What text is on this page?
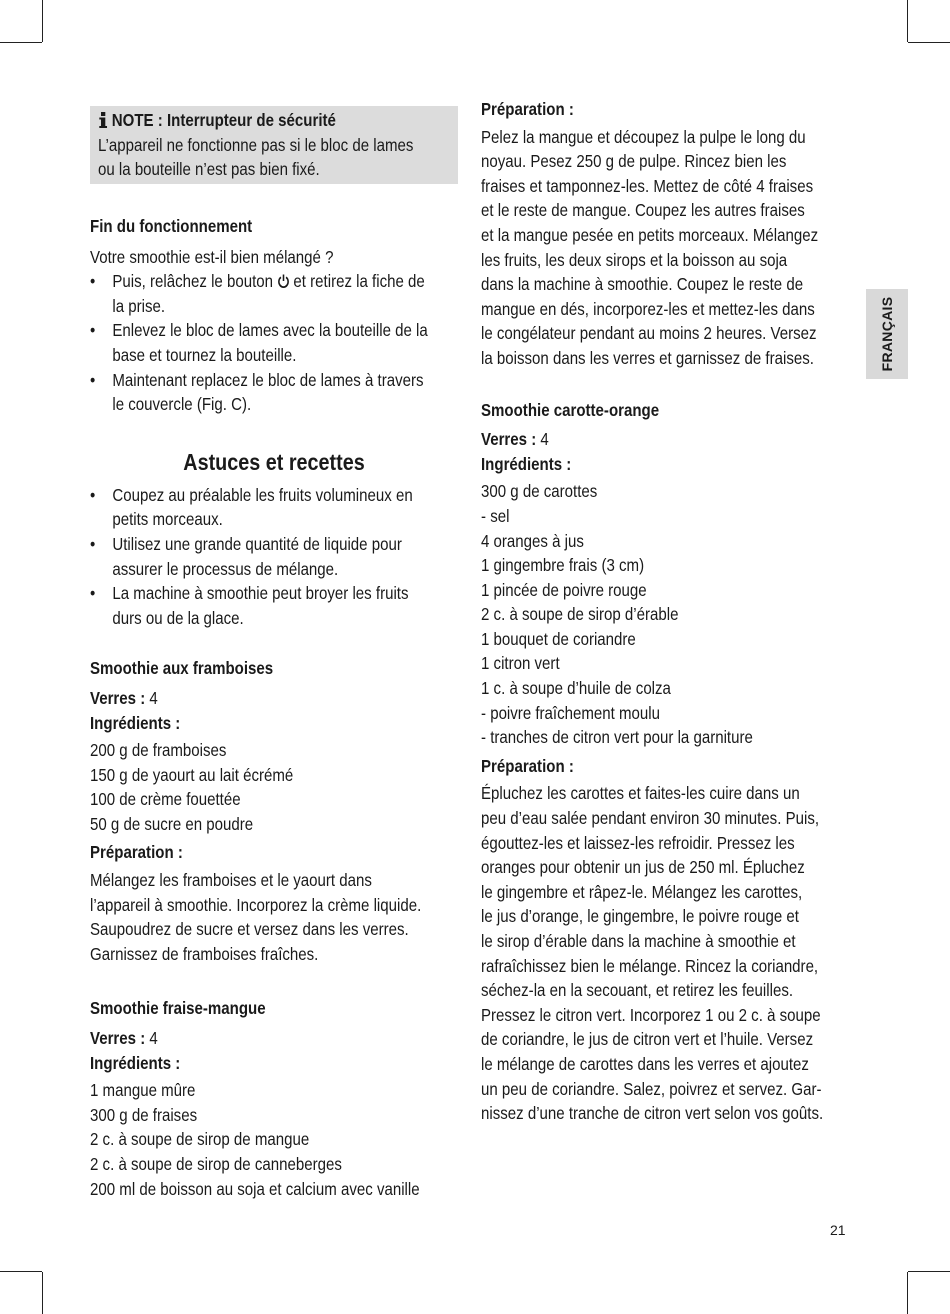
NOTE : Interrupteur de sécurité
L’appareil ne fonctionne pas si le bloc de lames
ou la bouteille n’est pas bien fixé.
Fin du fonctionnement
Votre smoothie est-il bien mélangé ?
• Puis, relâchez le bouton et retirez la fiche de
la prise.
• Enlevez le bloc de lames avec la bouteille de la
base et tournez la bouteille.
• Maintenant replacez le bloc de lames à travers
le couvercle (Fig. C).
Astuces et recettes
• Coupez au préalable les fruits volumineux en
petits morceaux.
• Utilisez une grande quantité de liquide pour
assurer le processus de mélange.
• La machine à smoothie peut broyer les fruits
durs ou de la glace.
Smoothie aux framboises
Verres : 4
Ingrédients :
200 g de framboises
150 g de yaourt au lait écrémé
100 de crème fouettée
50 g de sucre en poudre
Préparation :
Mélangez les framboises et le yaourt dans
l’appareil à smoothie. Incorporez la crème liquide.
Saupoudrez de sucre et versez dans les verres.
Garnissez de framboises fraîches.
Smoothie fraise-mangue
Verres : 4
Ingrédients :
1 mangue mûre
300 g de fraises
2 c. à soupe de sirop de mangue
2 c. à soupe de sirop de canneberges
200 ml de boisson au soja et calcium avec vanille
Préparation :
Pelez la mangue et découpez la pulpe le long du
noyau. Pesez 250 g de pulpe. Rincez bien les
fraises et tamponnez-les. Mettez de côté 4 fraises
et le reste de mangue. Coupez les autres fraises
et la mangue pesée en petits morceaux. Mélangez
les fruits, les deux sirops et la boisson au soja
dans la machine à smoothie. Coupez le reste de
mangue en dés, incorporez-les et mettez-les dans
le congélateur pendant au moins 2 heures. Versez
la boisson dans les verres et garnissez de fraises.
Smoothie carotte-orange
Verres : 4
Ingrédients :
300 g de carottes
- sel
4 oranges à jus
1 gingembre frais (3 cm)
1 pincée de poivre rouge
2 c. à soupe de sirop d’érable
1 bouquet de coriandre
1 citron vert
1 c. à soupe d’huile de colza
- poivre fraîchement moulu
- tranches de citron vert pour la garniture
Préparation :
Épluchez les carottes et faites-les cuire dans un
peu d’eau salée pendant environ 30 minutes. Puis,
égouttez-les et laissez-les refroidir. Pressez les
oranges pour obtenir un jus de 250 ml. Épluchez
le gingembre et râpez-le. Mélangez les carottes,
le jus d’orange, le gingembre, le poivre rouge et
le sirop d’érable dans la machine à smoothie et
rafraîchissez bien le mélange. Rincez la coriandre,
séchez-la en la secouant, et retirez les feuilles.
Pressez le citron vert. Incorporez 1 ou 2 c. à soupe
de coriandre, le jus de citron vert et l’huile. Versez
le mélange de carottes dans les verres et ajoutez
un peu de coriandre. Salez, poivrez et servez. Gar-
nissez d’une tranche de citron vert selon vos goûts.
FRANÇAIS
21
